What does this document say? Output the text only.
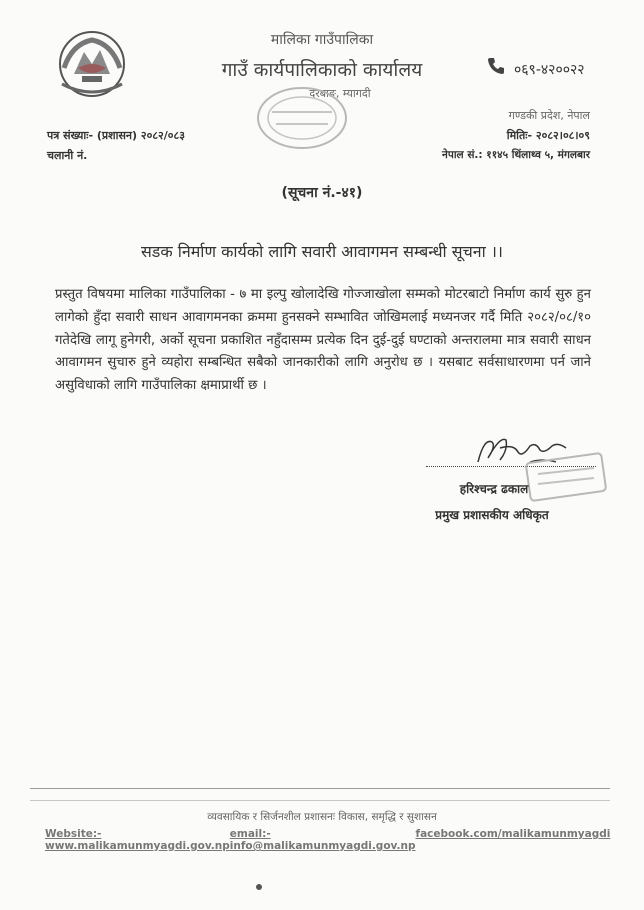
मालिका गाउँपालिका
गाउँ कार्यपालिकाको कार्यालय
दरबाङ, म्यागदी
०६९-४२००२२
गण्डकी प्रदेश, नेपाल
मितिः- २०८२।०८।०९
नेपाल सं.: ११४५ थिंलाथ्व ५, मंगलबार
पत्र संख्याः- (प्रशासन) २०८२/०८३
चलानी नं.
(सूचना नं.-४१)
सडक निर्माण कार्यको लागि सवारी आवागमन सम्बन्धी सूचना ।।
प्रस्तुत विषयमा मालिका गाउँपालिका - ७ मा इल्पु खोलादेखि गोज्जाखोला सम्मको मोटरबाटो निर्माण कार्य सुरु हुन लागेको हुँदा सवारी साधन आवागमनका क्रममा हुनसक्ने सम्भावित जोखिमलाई मध्यनजर गर्दै मिति २०८२/०८/१० गतेदेखि लागू हुनेगरी, अर्को सूचना प्रकाशित नहुँदासम्म प्रत्येक दिन दुई-दुई घण्टाको अन्तरालमा मात्र सवारी साधन आवागमन सुचारु हुने व्यहोरा सम्बन्धित सबैको जानकारीको लागि अनुरोध छ । यसबाट सर्वसाधारणमा पर्न जाने असुविधाको लागि गाउँपालिका क्षमाप्रार्थी छ ।
हरिश्चन्द्र ढकाल
प्रमुख प्रशासकीय अधिकृत
व्यवसायिक र सिर्जनशील प्रशासनः विकास, समृद्धि र सुशासन
Website:-www.malikamunmyagdi.gov.np
email:-info@malikamunmyagdi.gov.np
facebook.com/malikamunmyagdi
